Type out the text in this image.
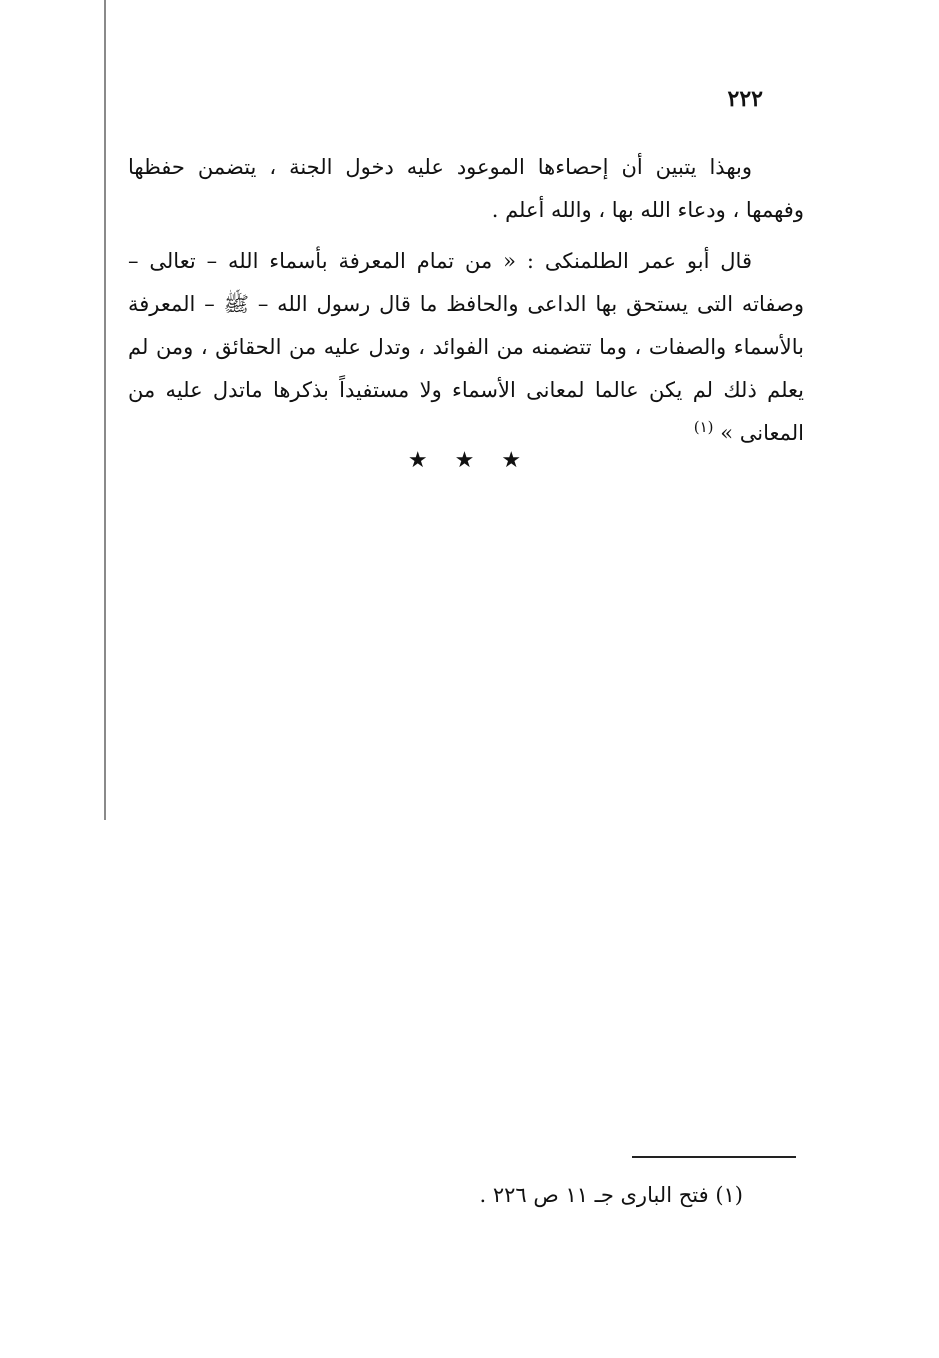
٢٢٢
وبهذا يتبين أن إحصاءها الموعود عليه دخول الجنة ، يتضمن حفظها وفهمها ، ودعاء الله بها ، والله أعلم .
قال أبو عمر الطلمنكى : « من تمام المعرفة بأسماء الله – تعالى – وصفاته التى يستحق بها الداعى والحافظ ما قال رسول الله – ﷺ – المعرفة بالأسماء والصفات ، وما تتضمنه من الفوائد ، وتدل عليه من الحقائق ، ومن لم يعلم ذلك لم يكن عالما لمعانى الأسماء ولا مستفيداً بذكرها ماتدل عليه من المعانى » $^{(١)}$
★ ★ ★
(١) فتح البارى جـ ١١ ص ٢٢٦ .
